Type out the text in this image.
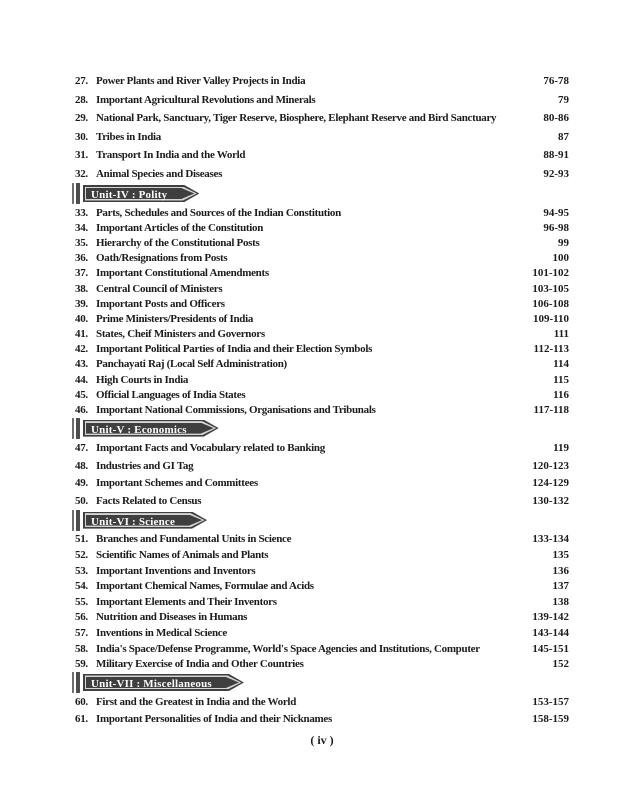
27. Power Plants and River Valley Projects in India	76-78
28. Important Agricultural Revolutions and Minerals	79
29. National Park, Sanctuary, Tiger Reserve, Biosphere, Elephant Reserve and Bird Sanctuary	80-86
30. Tribes in India	87
31. Transport In India and the World	88-91
32. Animal Species and Diseases	92-93
Unit-IV : Polity
33. Parts, Schedules and Sources of the Indian Constitution	94-95
34. Important Articles of the Constitution	96-98
35. Hierarchy of the Constitutional Posts	99
36. Oath/Resignations from Posts	100
37. Important Constitutional Amendments	101-102
38. Central Council of Ministers	103-105
39. Important Posts and Officers	106-108
40. Prime Ministers/Presidents of India	109-110
41. States, Cheif Ministers and Governors	111
42. Important Political Parties of India and their Election Symbols	112-113
43. Panchayati Raj (Local Self Administration)	114
44. High Courts in India	115
45. Official Languages of India States	116
46. Important National Commissions, Organisations and Tribunals	117-118
Unit-V : Economics
47. Important Facts and Vocabulary related to Banking	119
48. Industries and GI Tag	120-123
49. Important Schemes and Committees	124-129
50. Facts Related to Census	130-132
Unit-VI : Science
51. Branches and Fundamental Units in Science	133-134
52. Scientific Names of Animals and Plants	135
53. Important Inventions and Inventors	136
54. Important Chemical Names, Formulae and Acids	137
55. Important Elements and Their Inventors	138
56. Nutrition and Diseases in Humans	139-142
57. Inventions in Medical Science	143-144
58. India's Space/Defense Programme, World's Space Agencies and Institutions, Computer	145-151
59. Military Exercise of India and Other Countries	152
Unit-VII : Miscellaneous
60. First and the Greatest in India and the World	153-157
61. Important Personalities of India and their Nicknames	158-159
( iv )
